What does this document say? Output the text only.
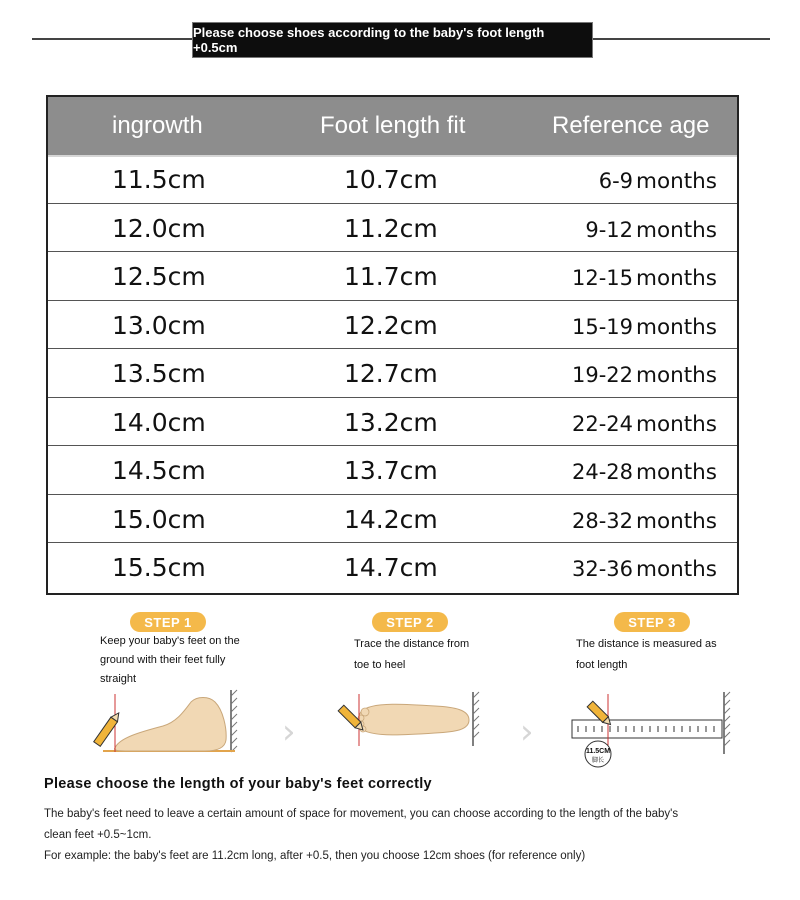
Please choose shoes according to the baby's foot length +0.5cm
ingrowth	Foot length fit	Reference age
11.5cm	10.7cm	6-9 months
12.0cm	11.2cm	9-12 months
12.5cm	11.7cm	12-15 months
13.0cm	12.2cm	15-19 months
13.5cm	12.7cm	19-22 months
14.0cm	13.2cm	22-24 months
14.5cm	13.7cm	24-28 months
15.0cm	14.2cm	28-32 months
15.5cm	14.7cm	32-36 months
STEP 1
Keep your baby's feet on the
ground with their feet fully
straight
›
STEP 2
Trace the distance from
toe to heel
›
STEP 3
The distance is measured as
foot length
11.5CM
脚长
Please choose the length of your baby's feet correctly
The baby's feet need to leave a certain amount of space for movement, you can choose according to the length of the baby's
clean feet +0.5~1cm.
For example: the baby's feet are 11.2cm long, after +0.5, then you choose 12cm shoes (for reference only)
